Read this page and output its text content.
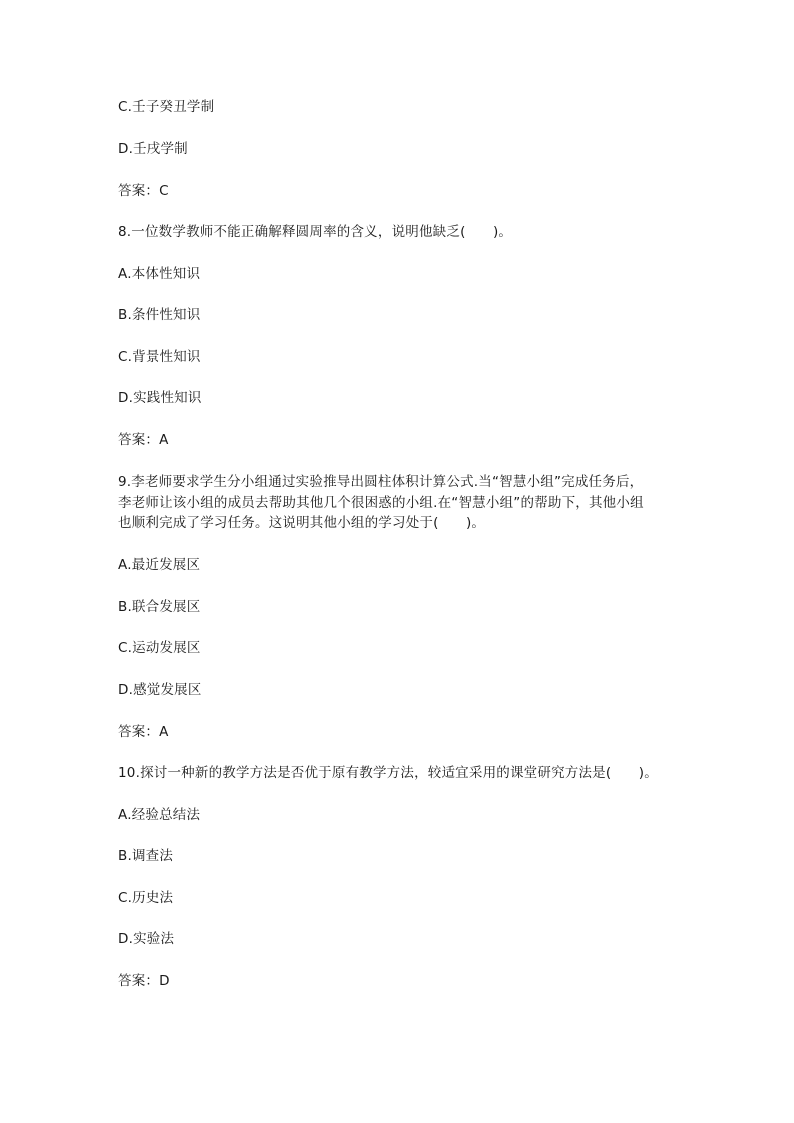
C.壬子癸丑学制
D.壬戌学制
答案：C
8.一位数学教师不能正确解释圆周率的含义，说明他缺乏(　　)。
A.本体性知识
B.条件性知识
C.背景性知识
D.实践性知识
答案：A
9.李老师要求学生分小组通过实验推导出圆柱体积计算公式.当“智慧小组”完成任务后，
李老师让该小组的成员去帮助其他几个很困惑的小组.在“智慧小组”的帮助下，其他小组
也顺利完成了学习任务。这说明其他小组的学习处于(　　)。
A.最近发展区
B.联合发展区
C.运动发展区
D.感觉发展区
答案：A
10.探讨一种新的教学方法是否优于原有教学方法，较适宜采用的课堂研究方法是(　　)。
A.经验总结法
B.调查法
C.历史法
D.实验法
答案：D
